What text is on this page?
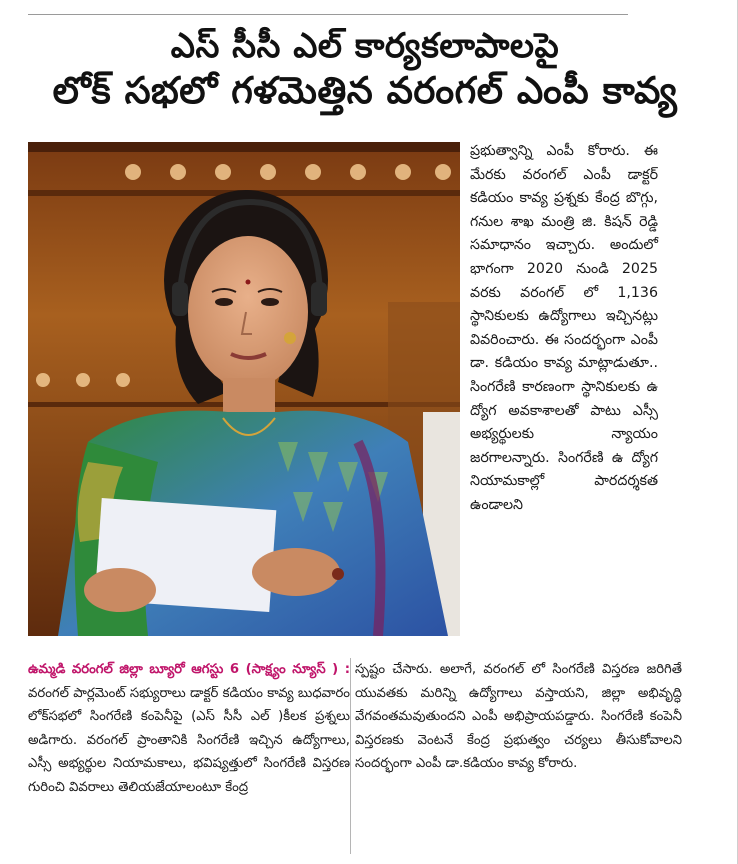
ఎస్ సీసీ ఎల్ కార్యకలాపాలపై
లోక్ సభలో గళమెత్తిన వరంగల్ ఎంపీ కావ్య

ప్రభుత్వాన్ని ఎంపీ కోరారు. ఈ మేరకు వరంగల్ ఎంపీ డాక్టర్ కడియం కావ్య ప్రశ్నకు కేంద్ర బొగ్గు, గనుల శాఖ మంత్రి జి. కిషన్ రెడ్డి సమాధానం ఇచ్చారు. అందులో భాగంగా 2020 నుండి 2025 వరకు వరంగల్ లో 1,136 స్థానికులకు ఉద్యోగాలు ఇచ్చినట్లు వివరించారు. ఈ సందర్భంగా ఎంపీ డా. కడియం కావ్య మాట్లాడుతూ.. సింగరేణి కారణంగా స్థానికులకు ఉ ద్యోగ అవకాశాలతో పాటు ఎస్సీ అభ్యర్థులకు న్యాయం జరగాలన్నారు. సింగరేణి ఉ ద్యోగ నియామకాల్లో పారదర్శకత ఉండాలని

ఉమ్మడి వరంగల్ జిల్లా బ్యూరో ఆగస్టు 6 (సాక్ష్యం న్యూస్ ) : వరంగల్ పార్లమెంట్ సభ్యురాలు డాక్టర్ కడియం కావ్య బుధవారం లోక్‌సభలో సింగరేణి కంపెనీపై (ఎస్ సీసీ ఎల్ )కీలక ప్రశ్నలు అడిగారు. వరంగల్ ప్రాంతానికి సింగరేణి ఇచ్చిన ఉద్యోగాలు, ఎస్సీ అభ్యర్థుల నియామకాలు, భవిష్యత్తులో సింగరేణి విస్తరణ గురించి వివరాలు తెలియజేయాలంటూ కేంద్ర

స్పష్టం చేసారు. అలాగే, వరంగల్ లో సింగరేణి విస్తరణ జరిగితే యువతకు మరిన్ని ఉద్యోగాలు వస్తాయని, జిల్లా అభివృద్ధి వేగవంతమవుతుందని ఎంపీ అభిప్రాయపడ్డారు. సింగరేణి కంపెనీ విస్తరణకు వెంటనే కేంద్ర ప్రభుత్వం చర్యలు తీసుకోవాలని సందర్భంగా ఎంపీ డా.కడియం కావ్య కోరారు.
